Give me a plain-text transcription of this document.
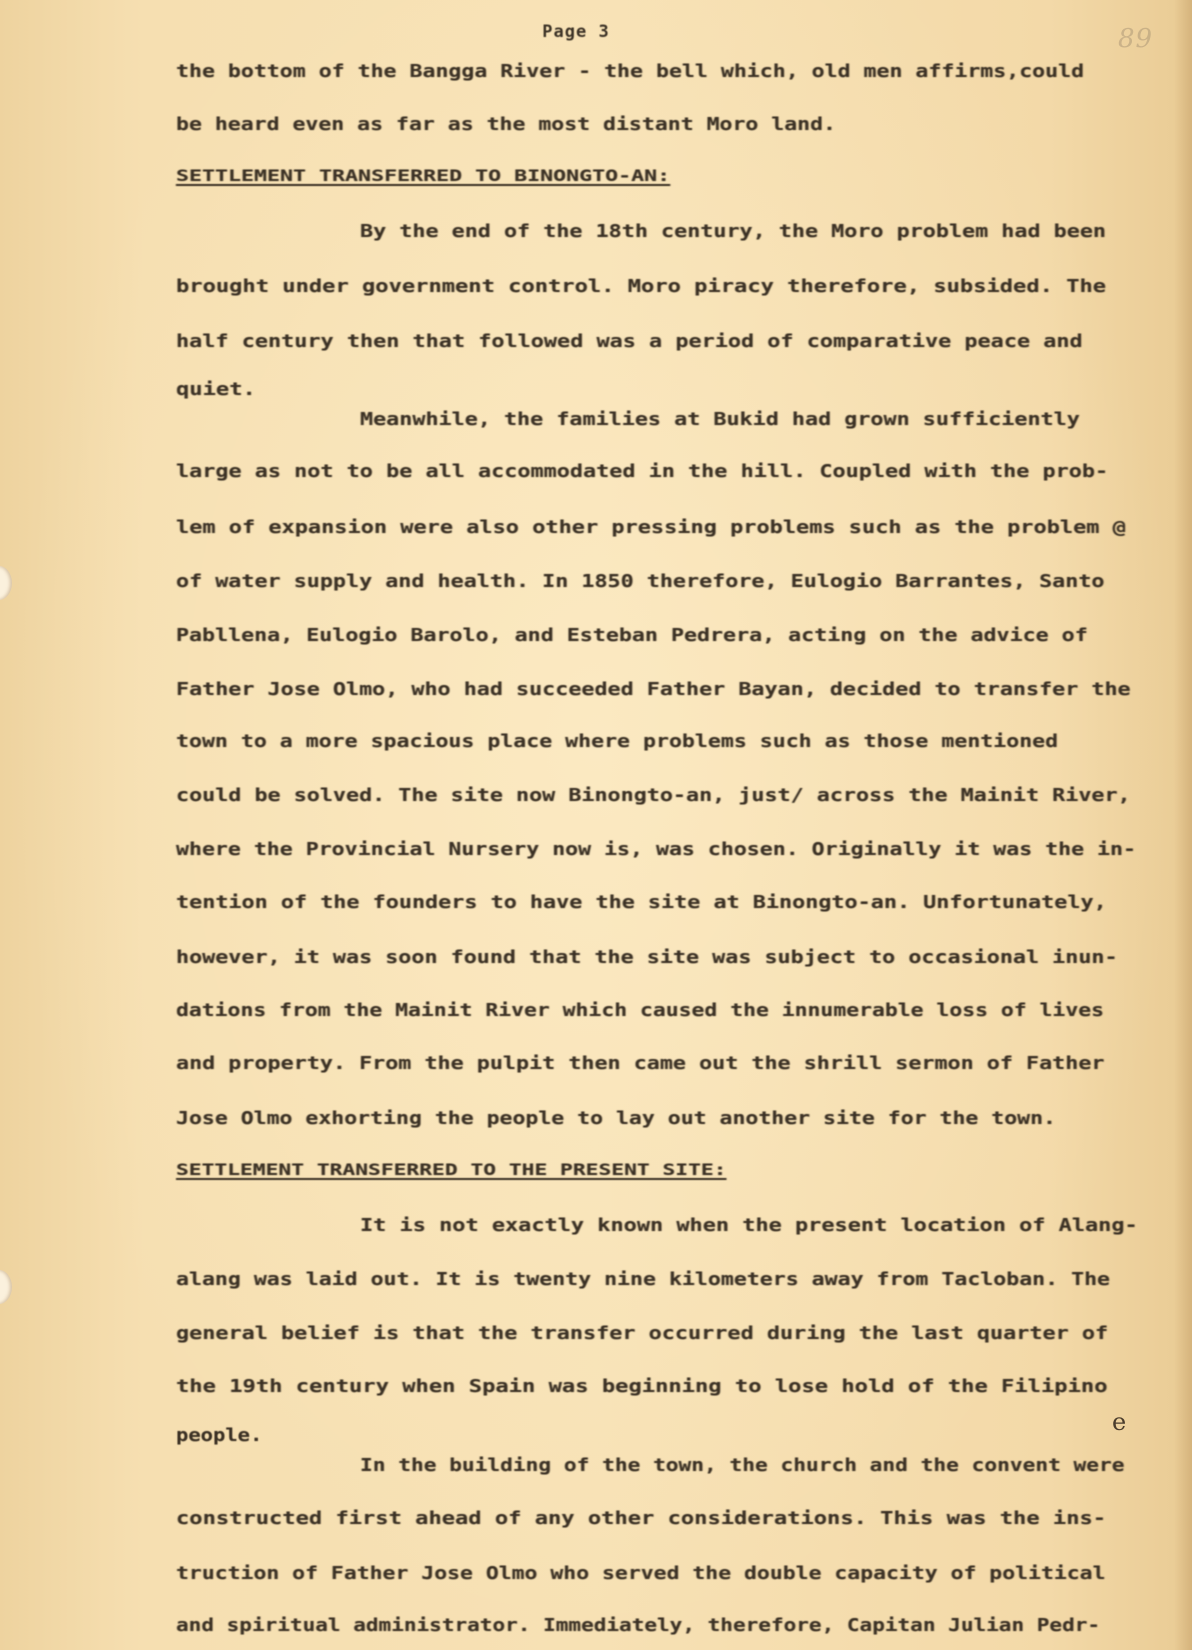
89
Page 3
the bottom of the Bangga River - the bell which, old men affirms,could
be heard even as far as the most distant Moro land.
SETTLEMENT TRANSFERRED TO BINONGTO-AN:
By the end of the 18th century, the Moro problem had been
brought under government control. Moro piracy therefore, subsided. The
half century then that followed was a period of comparative peace and
quiet.
Meanwhile, the families at Bukid had grown sufficiently
large as not to be all accommodated in the hill. Coupled with the prob-
lem of expansion were also other pressing problems such as the problem @
of water supply and health. In 1850 therefore, Eulogio Barrantes, Santo
Pabllena, Eulogio Barolo, and Esteban Pedrera, acting on the advice of
Father Jose Olmo, who had succeeded Father Bayan, decided to transfer the
town to a more spacious place where problems such as those mentioned
could be solved. The site now Binongto-an, just/ across the Mainit River,
where the Provincial Nursery now is, was chosen. Originally it was the in-
tention of the founders to have the site at Binongto-an. Unfortunately,
however, it was soon found that the site was subject to occasional inun-
dations from the Mainit River which caused the innumerable loss of lives
and property. From the pulpit then came out the shrill sermon of Father
Jose Olmo exhorting the people to lay out another site for the town.
SETTLEMENT TRANSFERRED TO THE PRESENT SITE:
It is not exactly known when the present location of Alang-
alang was laid out. It is twenty nine kilometers away from Tacloban. The
general belief is that the transfer occurred during the last quarter of
the 19th century when Spain was beginning to lose hold of the Filipino
people.
In the building of the town, the church and the convent were
constructed first ahead of any other considerations. This was the ins-
truction of Father Jose Olmo who served the double capacity of political
and spiritual administrator. Immediately, therefore, Capitan Julian Pedr-
e
